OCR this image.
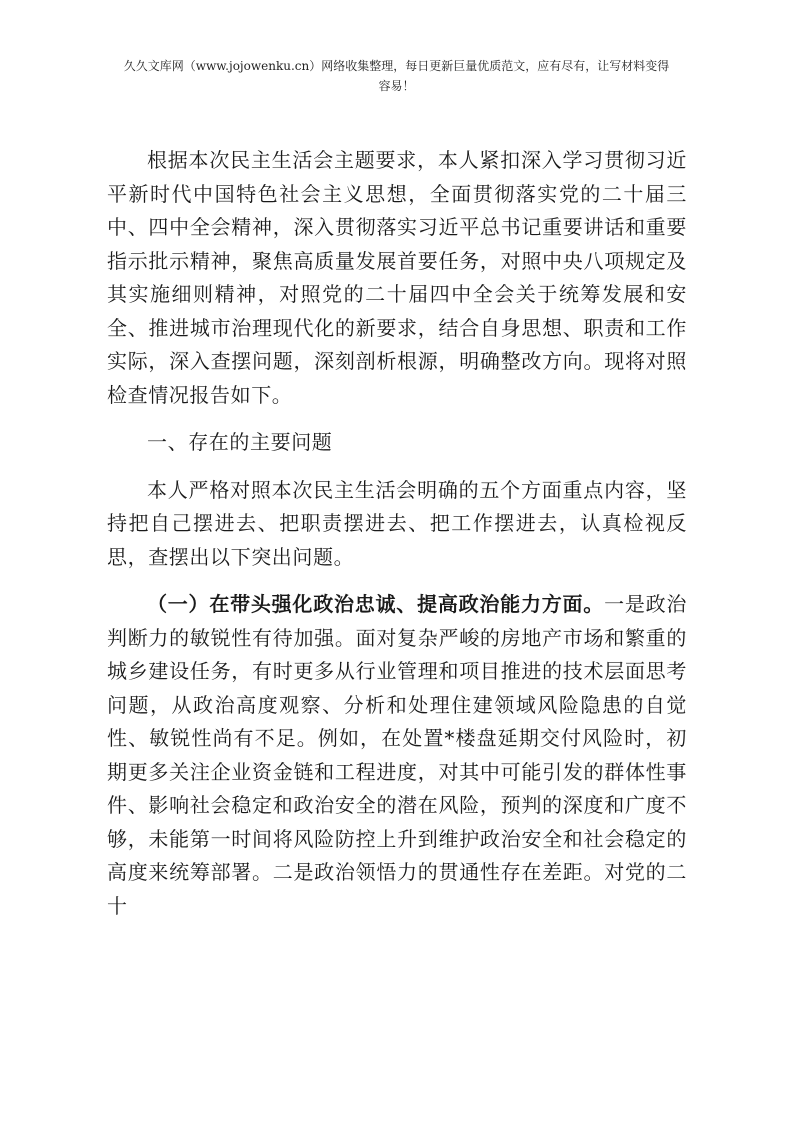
久久文库网（www.jojowenku.cn）网络收集整理，每日更新巨量优质范文，应有尽有，让写材料变得
容易！

根据本次民主生活会主题要求，本人紧扣深入学习贯彻习近平新时代中国特色社会主义思想，全面贯彻落实党的二十届三中、四中全会精神，深入贯彻落实习近平总书记重要讲话和重要指示批示精神，聚焦高质量发展首要任务，对照中央八项规定及其实施细则精神，对照党的二十届四中全会关于统筹发展和安全、推进城市治理现代化的新要求，结合自身思想、职责和工作实际，深入查摆问题，深刻剖析根源，明确整改方向。现将对照检查情况报告如下。

一、存在的主要问题

本人严格对照本次民主生活会明确的五个方面重点内容，坚持把自己摆进去、把职责摆进去、把工作摆进去，认真检视反思，查摆出以下突出问题。

（一）在带头强化政治忠诚、提高政治能力方面。一是政治判断力的敏锐性有待加强。面对复杂严峻的房地产市场和繁重的城乡建设任务，有时更多从行业管理和项目推进的技术层面思考问题，从政治高度观察、分析和处理住建领域风险隐患的自觉性、敏锐性尚有不足。例如，在处置*楼盘延期交付风险时，初期更多关注企业资金链和工程进度，对其中可能引发的群体性事件、影响社会稳定和政治安全的潜在风险，预判的深度和广度不够，未能第一时间将风险防控上升到维护政治安全和社会稳定的高度来统筹部署。二是政治领悟力的贯通性存在差距。对党的二十
